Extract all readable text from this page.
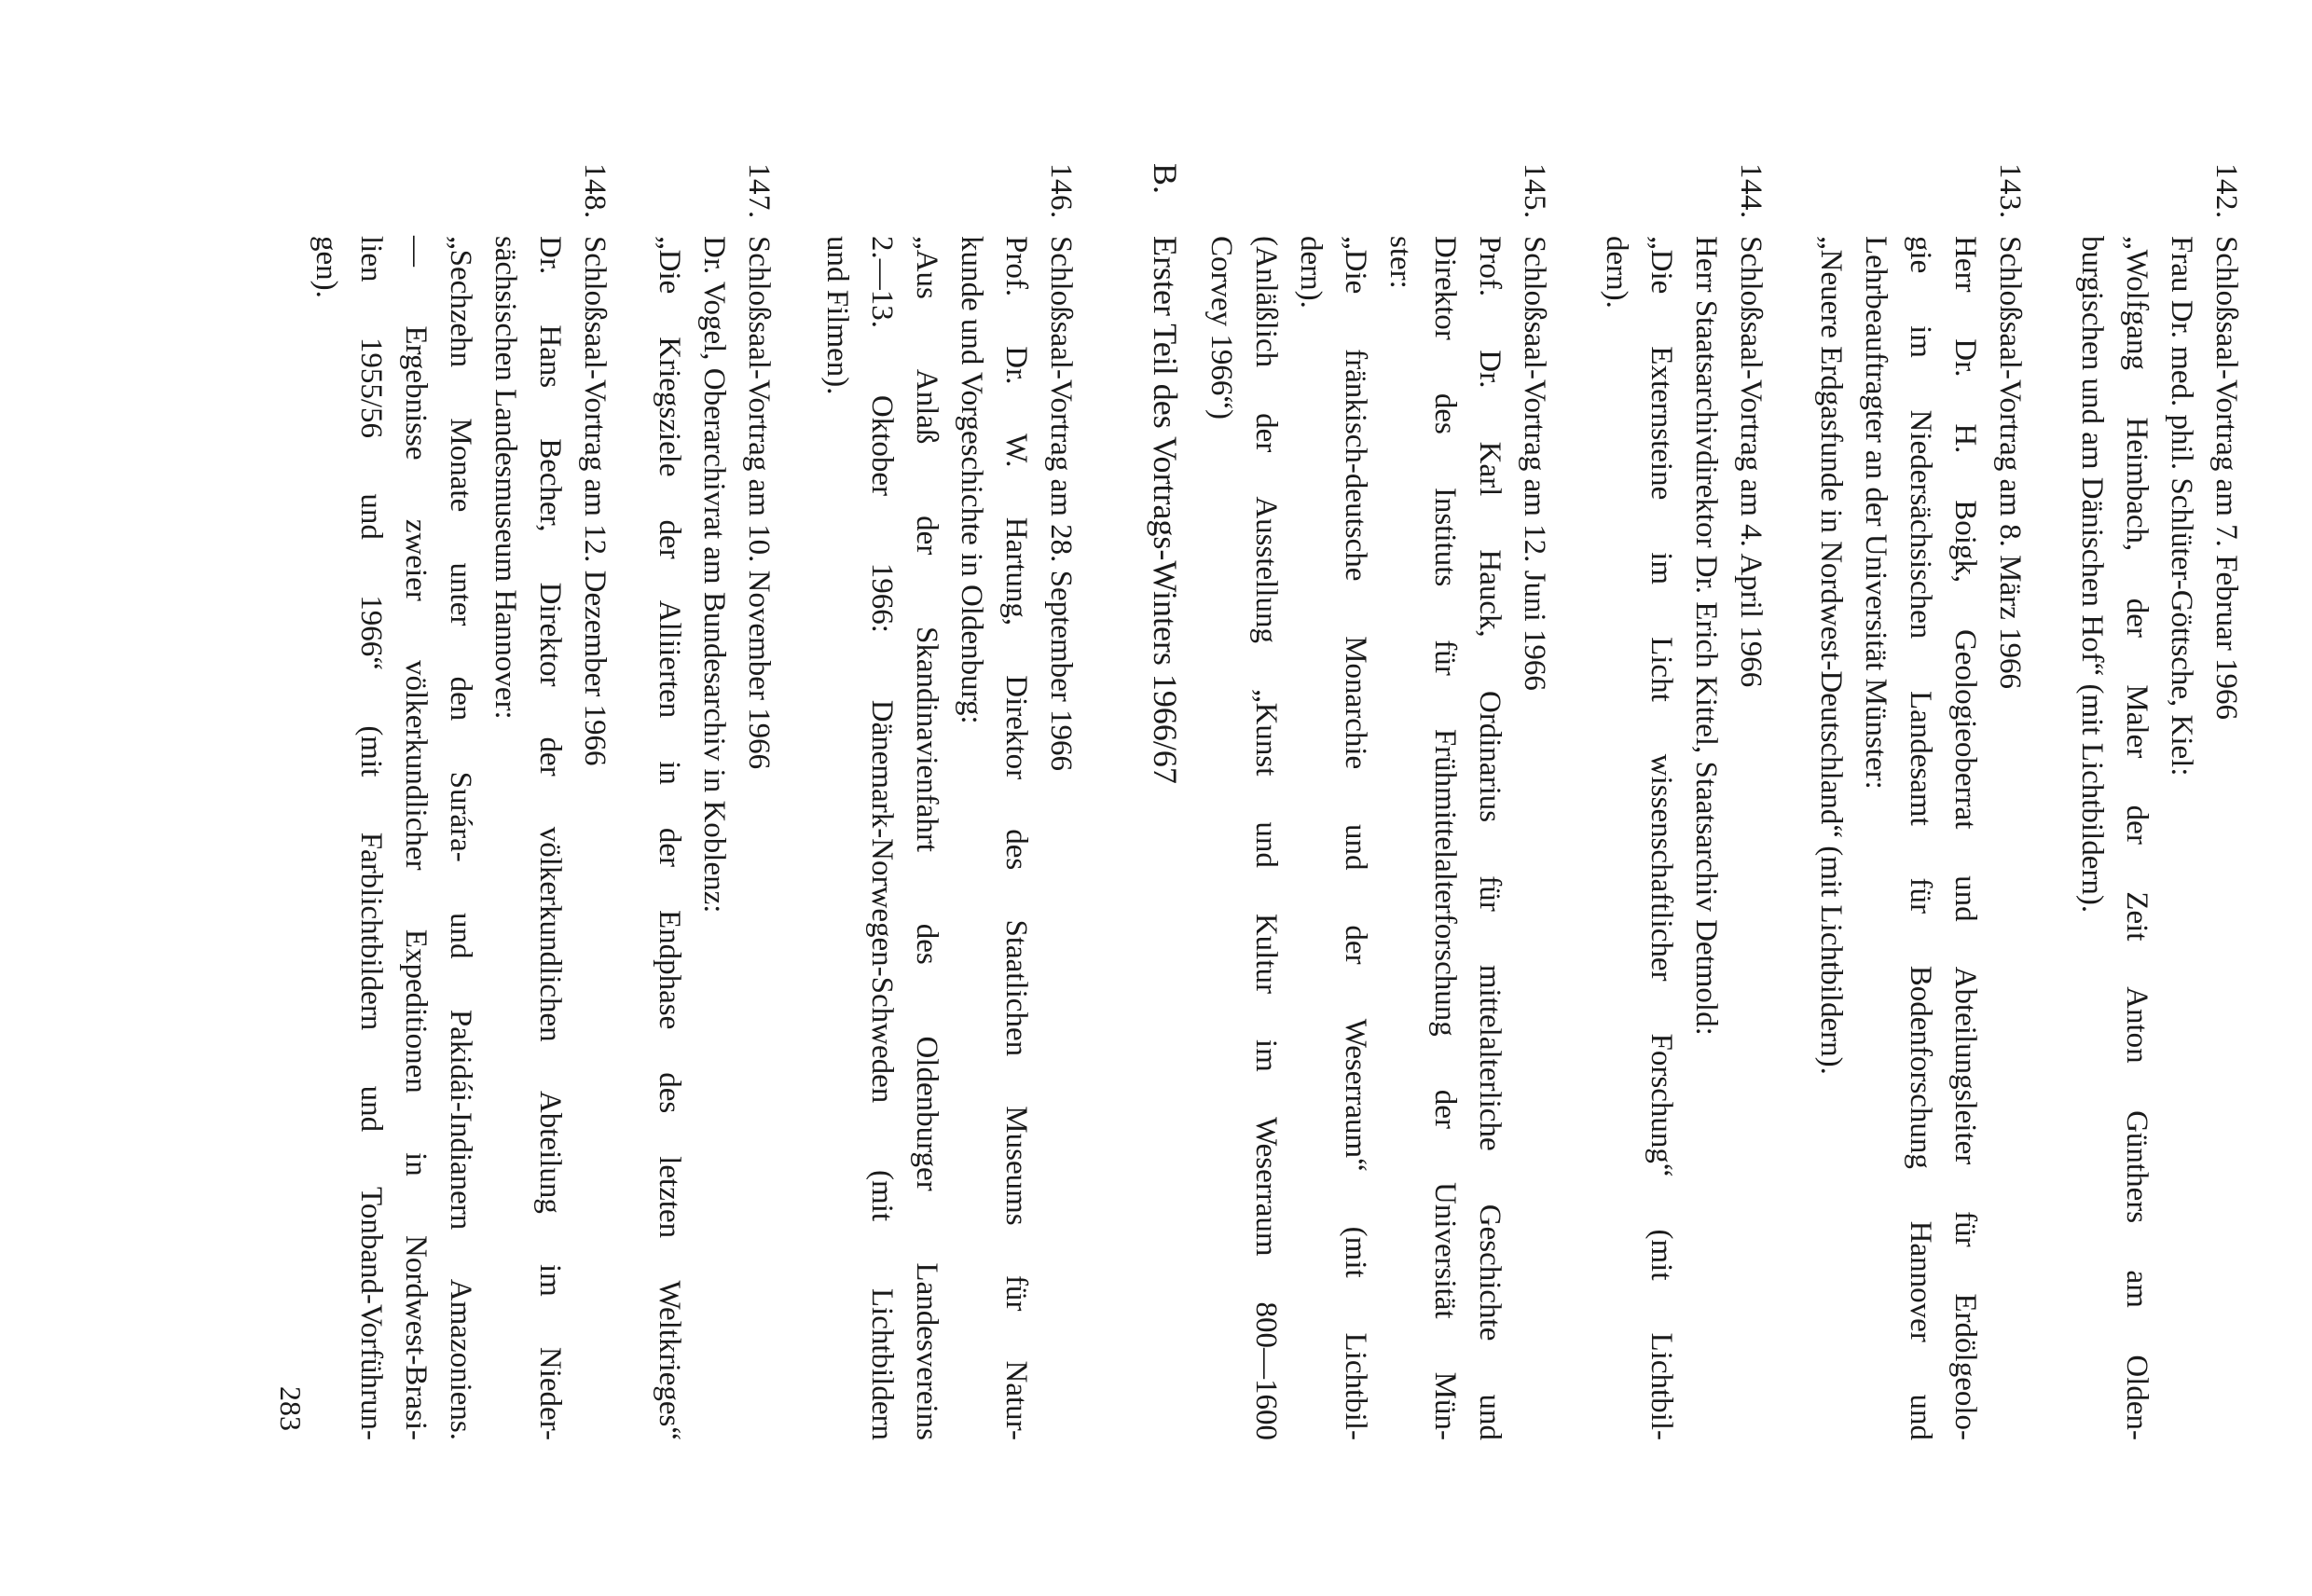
142.
Schloßsaal-Vortrag am 7. Februar 1966
Frau Dr. med. phil. Schlüter-Göttsche, Kiel:
„Wolfgang Heimbach, der Maler der Zeit Anton Günthers am Olden-
burgischen und am Dänischen Hof“ (mit Lichtbildern).
143.
Schloßsaal-Vortrag am 8. März 1966
Herr Dr. H. Boigk, Geologieoberrat und Abteilungsleiter für Erdölgeolo-
gie im Niedersächsischen Landesamt für Bodenforschung Hannover und
Lehrbeauftragter an der Universität Münster:
„Neuere Erdgasfunde in Nordwest-Deutschland“ (mit Lichtbildern).
144.
Schloßsaal-Vortrag am 4. April 1966
Herr Staatsarchivdirektor Dr. Erich Kittel, Staatsarchiv Detmold:
„Die Externsteine im Licht wissenschaftlicher Forschung“ (mit Lichtbil-
dern).
145.
Schloßsaal-Vortrag am 12. Juni 1966
Prof. Dr. Karl Hauck, Ordinarius für mittelalterliche Geschichte und
Direktor des Instituts für Frühmittelalterforschung der Universität Mün-
ster:
„Die fränkisch-deutsche Monarchie und der Weserraum“ (mit Lichtbil-
dern).
(Anläßlich der Ausstellung „Kunst und Kultur im Weserraum 800—1600
Corvey 1966“)
B.Erster Teil des Vortrags-Winters 1966/67
146.
Schloßsaal-Vortrag am 28. September 1966
Prof. Dr. W. Hartung, Direktor des Staatlichen Museums für Natur-
kunde und Vorgeschichte in Oldenburg:
„Aus Anlaß der Skandinavienfahrt des Oldenburger Landesvereins
2.—13. Oktober 1966: Dänemark-Norwegen-Schweden (mit Lichtbildern
und Filmen).
147.
Schloßsaal-Vortrag am 10. November 1966
Dr. Vogel, Oberarchivrat am Bundesarchiv in Koblenz:
„Die Kriegsziele der Alliierten in der Endphase des letzten Weltkrieges“
148.
Schloßsaal-Vortrag am 12. Dezember 1966
Dr. Hans Becher, Direktor der völkerkundlichen Abteilung im Nieder-
sächsischen Landesmuseum Hannover:
„Sechzehn Monate unter den Surára- und Pakidái-Indianern Amazoniens.
— Ergebnisse zweier völkerkundlicher Expeditionen in Nordwest-Brasi-
lien 1955/56 und 1966“ (mit Farblichtbildern und Tonband-Vorführun-
gen).
283
